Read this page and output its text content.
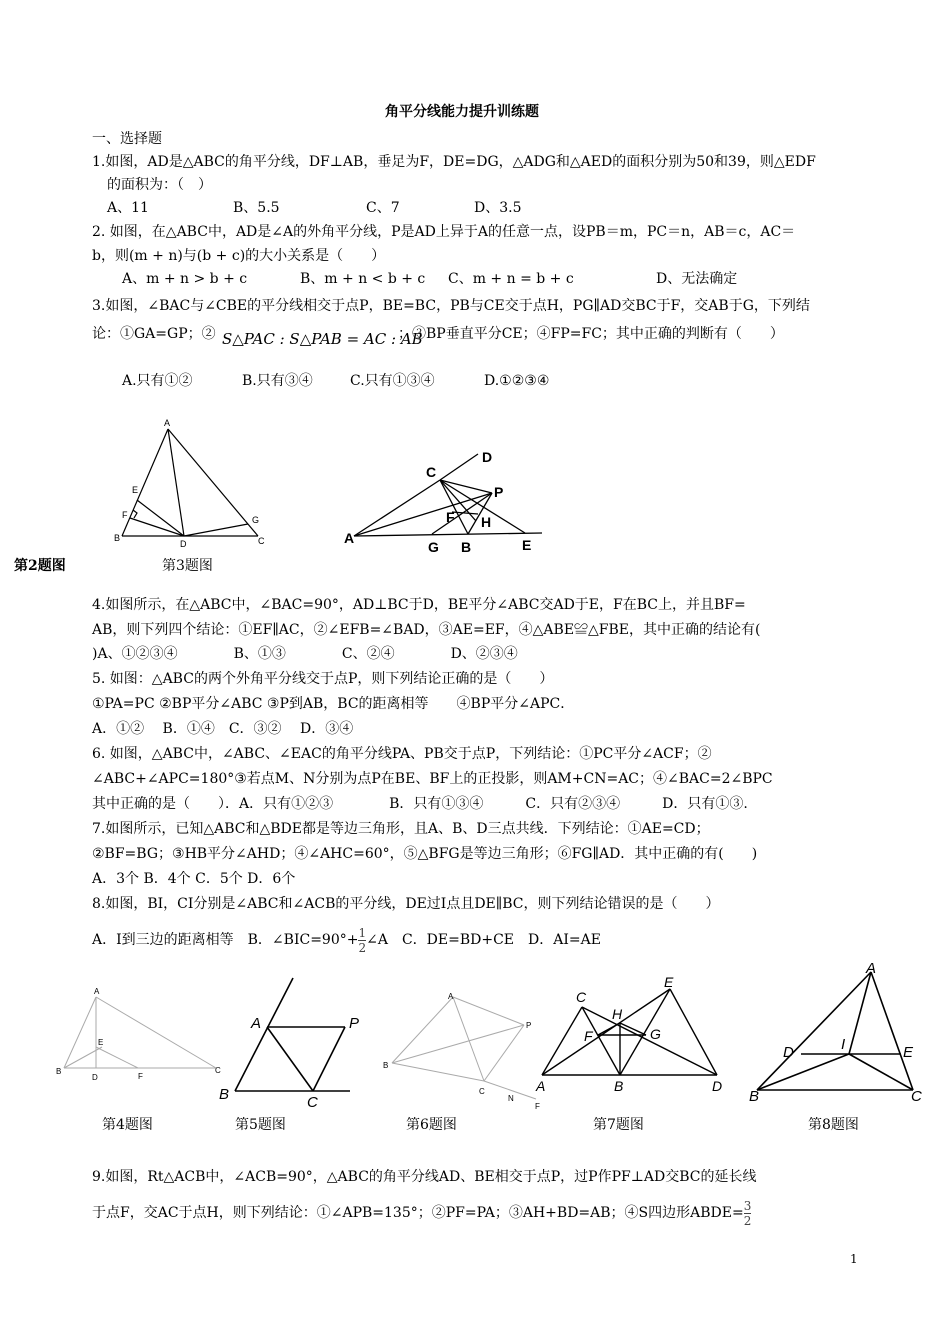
角平分线能力提升训练题
一、选择题
1.如图，AD是△ABC的角平分线，DF⊥AB，垂足为F，DE=DG，△ADG和△AED的面积分别为50和39，则△EDF
的面积为：（　）
A、11	B、5.5	C、7	D、3.5
2. 如图，在△ABC中，AD是∠A的外角平分线，P是AD上异于A的任意一点，设PB＝m，PC＝n，AB＝c，AC＝
b，则(m + n)与(b + c)的大小关系是（　　）
A、m + n > b + c	B、m + n < b + c C、m + n = b + c	D、无法确定
3.如图，∠BAC与∠CBE的平分线相交于点P，BE=BC，PB与CE交于点H，PG∥AD交BC于F，交AB于G，下列结
论：①GA=GP；② S△PAC : S△PAB = AC : AB
；③BP垂直平分CE；④FP=FC；其中正确的判断有（　　）
A.只有①②	B.只有③④	C.只有①③④	D.①②③④
A
E
F
B
D
G
C
C
D
P
F H
A
G B	E
第2题图	第3题图
4.如图所示，在△ABC中，∠BAC=90°，AD⊥BC于D，BE平分∠ABC交AD于E，F在BC上，并且BF=
AB，则下列四个结论：①EF∥AC，②∠EFB=∠BAD，③AE=EF，④△ABE≌△FBE，其中正确的结论有(
)A、①②③④　　　　B、①③　　　　C、②④　　　　D、②③④
5. 如图：△ABC的两个外角平分线交于点P，则下列结论正确的是（　　）
①PA=PC ②BP平分∠ABC ③P到AB，BC的距离相等　　④BP平分∠APC．
A．①②　 B．①④　C．③②　 D．③④
6. 如图，△ABC中，∠ABC、∠EAC的角平分线PA、PB交于点P，下列结论：①PC平分∠ACF；②
∠ABC+∠APC=180°③若点M、N分别为点P在BE、BF上的正投影，则AM+CN=AC；④∠BAC=2∠BPC
其中正确的是（　　）．A．只有①②③　　　　B．只有①③④　　　C．只有②③④　　　D．只有①③.
7.如图所示，已知△ABC和△BDE都是等边三角形，且A、B、D三点共线．下列结论：①AE=CD；
②BF=BG；③HB平分∠AHD；④∠AHC=60°，⑤△BFG是等边三角形；⑥FG∥AD．其中正确的有(　　)
A．3个 B．4个 C．5个 D．6个
8.如图，BI，CI分别是∠ABC和∠ACB的平分线，DE过I点且DE∥BC，则下列结论错误的是（　　）
A．I到三边的距离相等　B．∠BIC=90°+ $\frac{1}{2}$ ∠A　C．DE=BD+CE　D．AI=AE
A
E
B
D	F
C
A	P
B	C
A
P
B
C
N
F
C
E
H
F	G
A	B	D
A
D	I	E
B	C
第4题图	第5题图	第6题图	第7题图	第8题图
9.如图，Rt△ACB中，∠ACB=90°，△ABC的角平分线AD、BE相交于点P，过P作PF⊥AD交BC的延长线
于点F，交AC于点H，则下列结论：①∠APB=135°；②PF=PA；③AH+BD=AB；④S四边形ABDE= $\frac{3}{2}$
1
